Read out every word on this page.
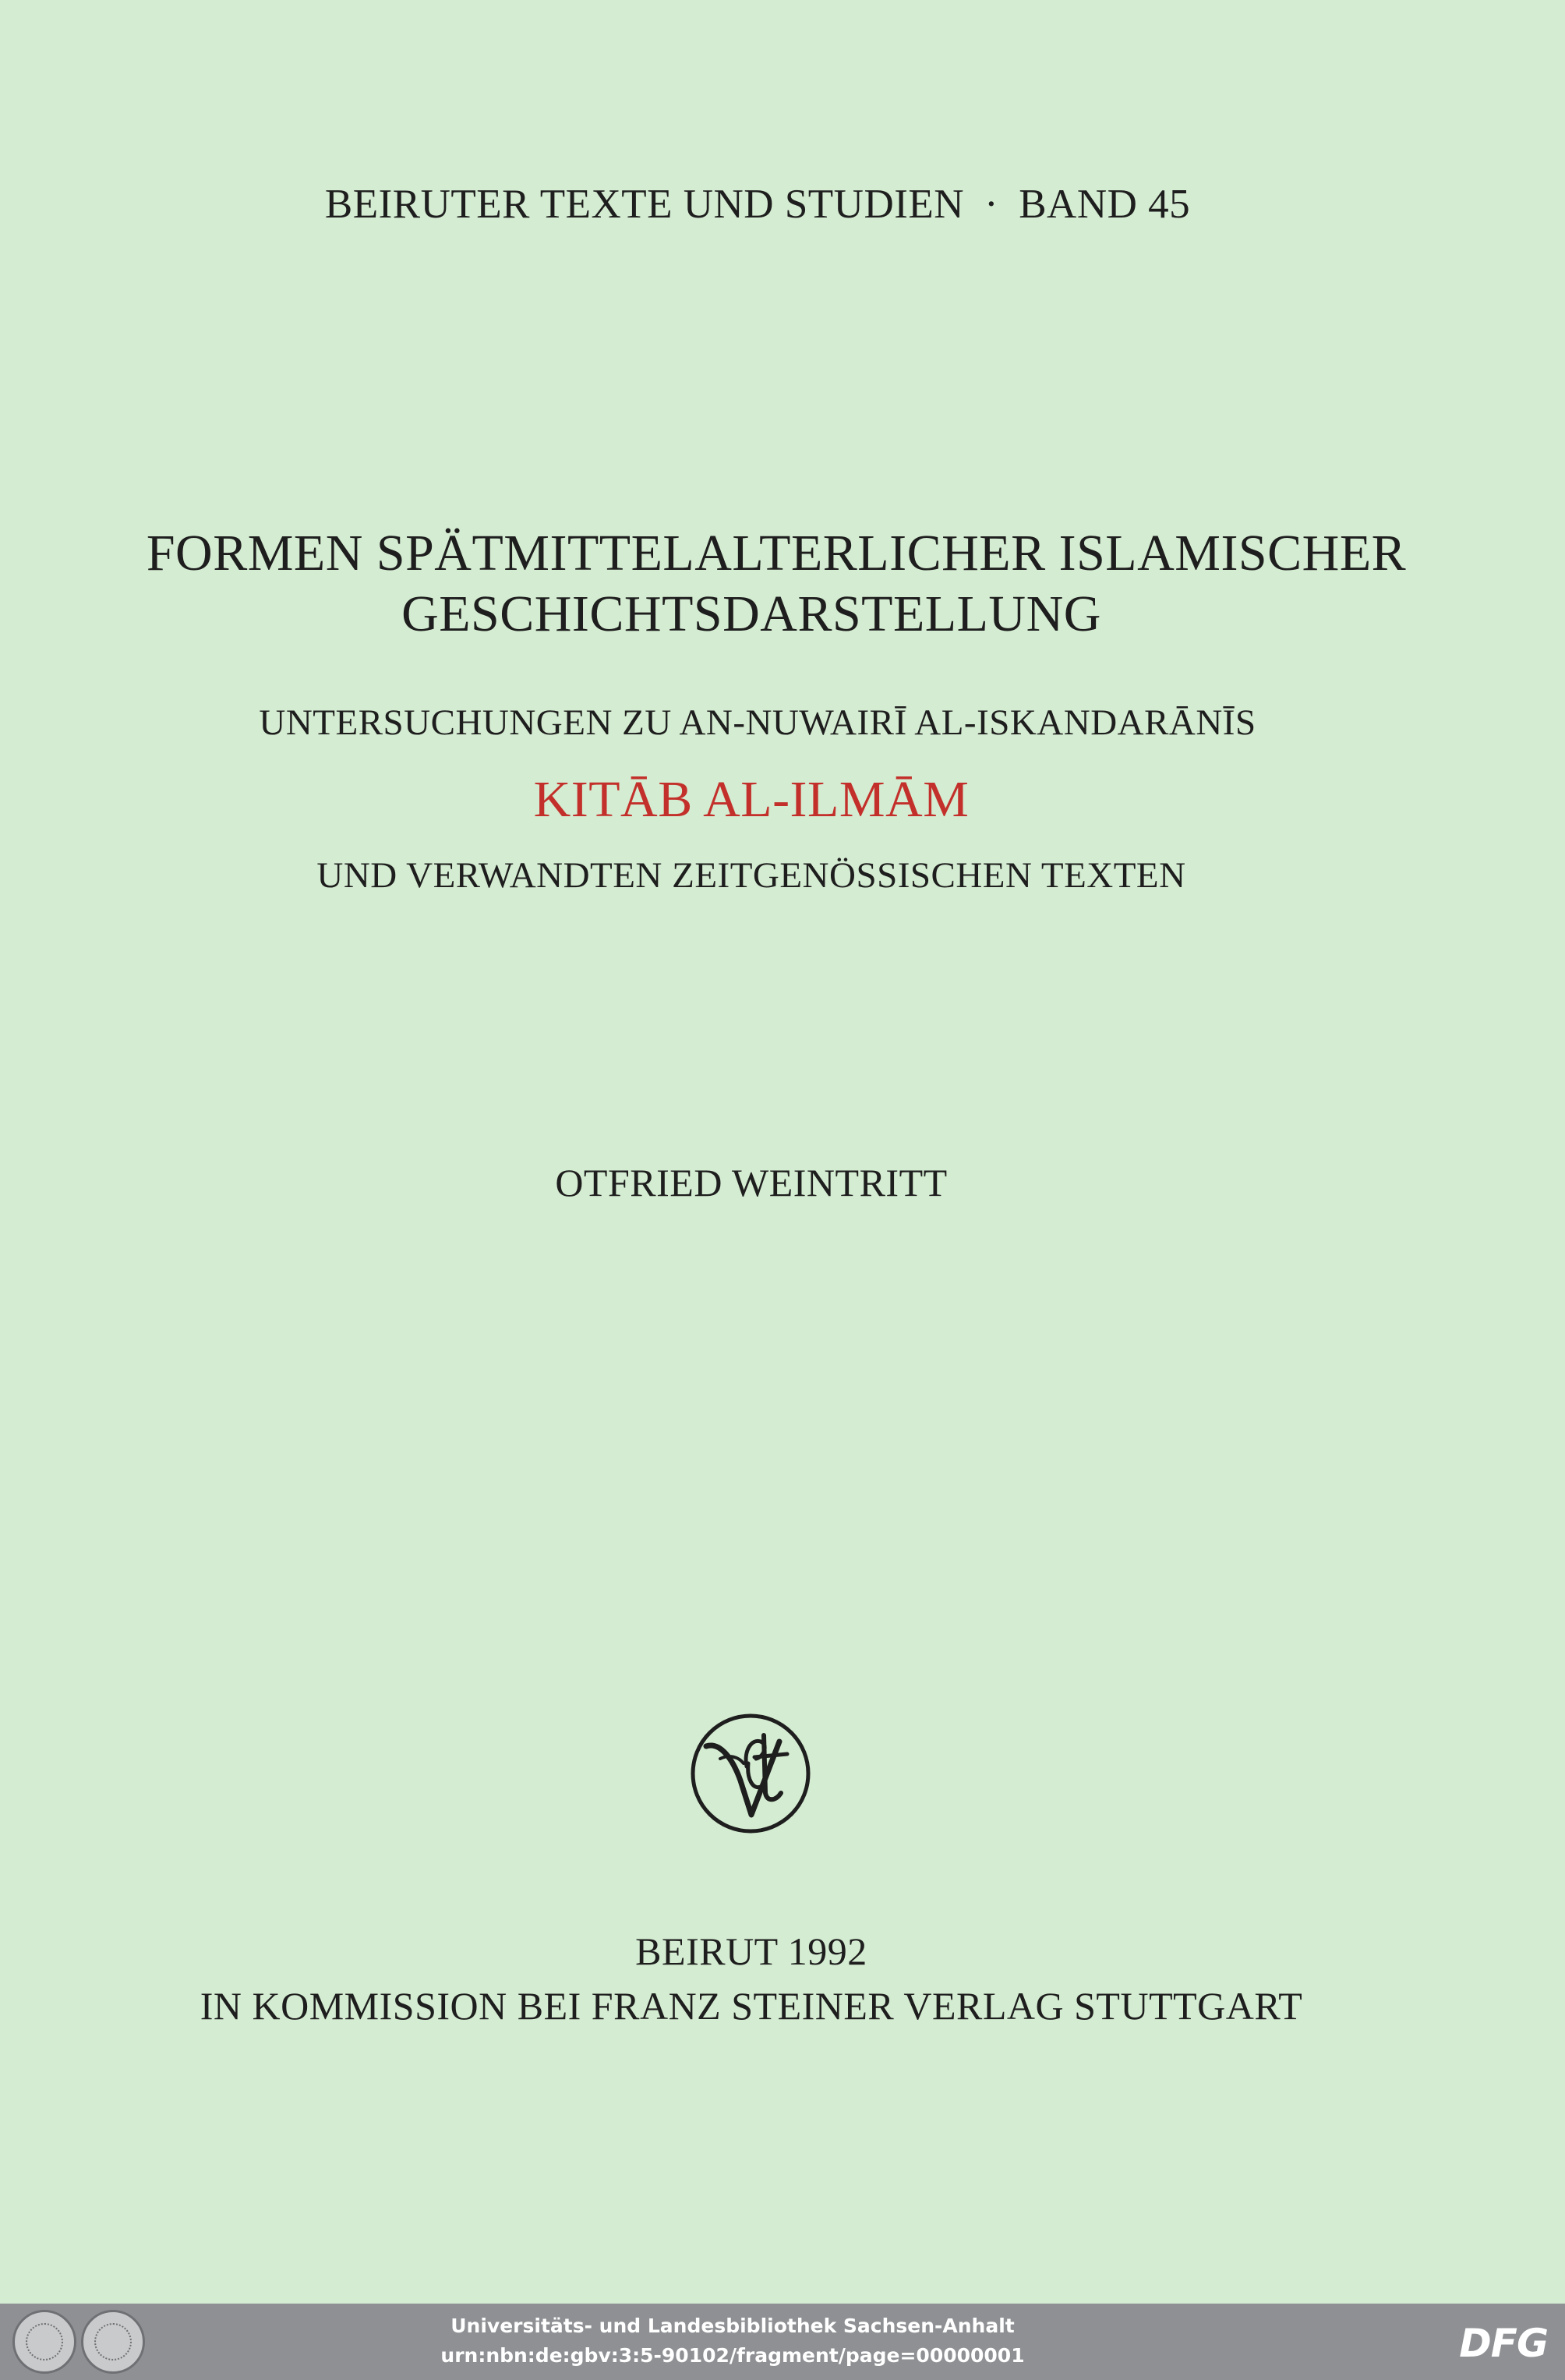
BEIRUTER TEXTE UND STUDIEN · BAND 45
FORMEN SPÄTMITTELALTERLICHER ISLAMISCHER
GESCHICHTSDARSTELLUNG
UNTERSUCHUNGEN ZU AN-NUWAIRĪ AL-ISKANDARĀNĪS
KITĀB AL-ILMĀM
UND VERWANDTEN ZEITGENÖSSISCHEN TEXTEN
OTFRIED WEINTRITT
BEIRUT 1992
IN KOMMISSION BEI FRANZ STEINER VERLAG STUTTGART
Universitäts- und Landesbibliothek Sachsen-Anhalt
urn:nbn:de:gbv:3:5-90102/fragment/page=00000001	DFG
